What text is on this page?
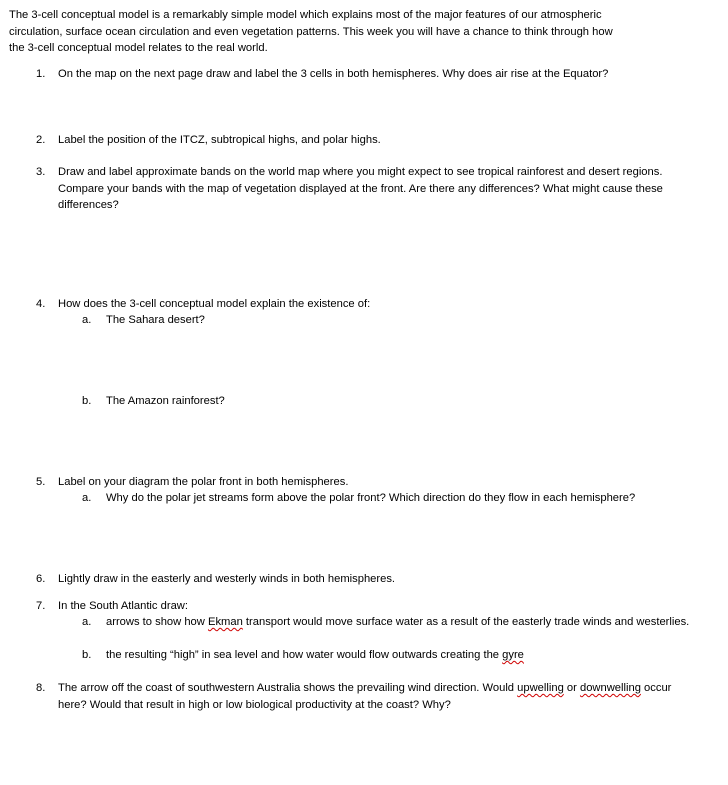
The 3-cell conceptual model is a remarkably simple model which explains most of the major features of our atmospheric circulation, surface ocean circulation and even vegetation patterns. This week you will have a chance to think through how the 3-cell conceptual model relates to the real world.

1. On the map on the next page draw and label the 3 cells in both hemispheres. Why does air rise at the Equator?
2. Label the position of the ITCZ, subtropical highs, and polar highs.
3. Draw and label approximate bands on the world map where you might expect to see tropical rainforest and desert regions. Compare your bands with the map of vegetation displayed at the front. Are there any differences? What might cause these differences?
4. How does the 3-cell conceptual model explain the existence of:
a. The Sahara desert?
b. The Amazon rainforest?
5. Label on your diagram the polar front in both hemispheres.
a. Why do the polar jet streams form above the polar front? Which direction do they flow in each hemisphere?
6. Lightly draw in the easterly and westerly winds in both hemispheres.
7. In the South Atlantic draw:
a. arrows to show how Ekman transport would move surface water as a result of the easterly trade winds and westerlies.
b. the resulting “high” in sea level and how water would flow outwards creating the gyre
8. The arrow off the coast of southwestern Australia shows the prevailing wind direction. Would upwelling or downwelling occur here? Would that result in high or low biological productivity at the coast? Why?
